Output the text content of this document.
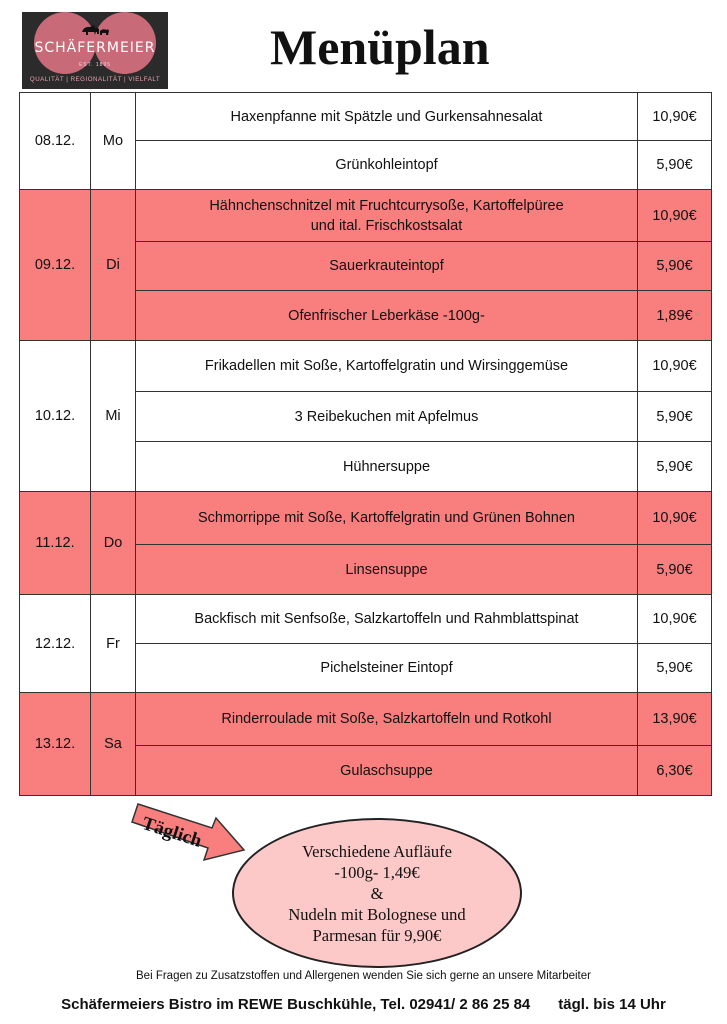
SCHÄFERMEIER
EST. 1895
QUALITÄT | REGIONALITÄT | VIELFALT
Menüplan
08.12.	Mo	Haxenpfanne mit Spätzle und Gurkensahnesalat	10,90€
		Grünkohleintopf	5,90€
09.12.	Di	Hähnchenschnitzel mit Fruchtcurrysoße, Kartoffelpüree
und ital. Frischkostsalat	10,90€
		Sauerkrauteintopf	5,90€
		Ofenfrischer Leberkäse -100g-	1,89€
10.12.	Mi	Frikadellen mit Soße, Kartoffelgratin und Wirsinggemüse	10,90€
		3 Reibekuchen mit Apfelmus	5,90€
		Hühnersuppe	5,90€
11.12.	Do	Schmorrippe mit Soße, Kartoffelgratin und Grünen Bohnen	10,90€
		Linsensuppe	5,90€
12.12.	Fr	Backfisch mit Senfsoße, Salzkartoffeln und Rahmblattspinat	10,90€
		Pichelsteiner Eintopf	5,90€
13.12.	Sa	Rinderroulade mit Soße, Salzkartoffeln und Rotkohl	13,90€
		Gulaschsuppe	6,30€
Täglich	Verschiedene Aufläufe
-100g- 1,49€
&
Nudeln mit Bolognese und
Parmesan für 9,90€
Bei Fragen zu Zusatzstoffen und Allergenen wenden Sie sich gerne an unsere Mitarbeiter
Schäfermeiers Bistro im REWE Buschkühle, Tel. 02941/ 2 86 25 84 tägl. bis 14 Uhr
